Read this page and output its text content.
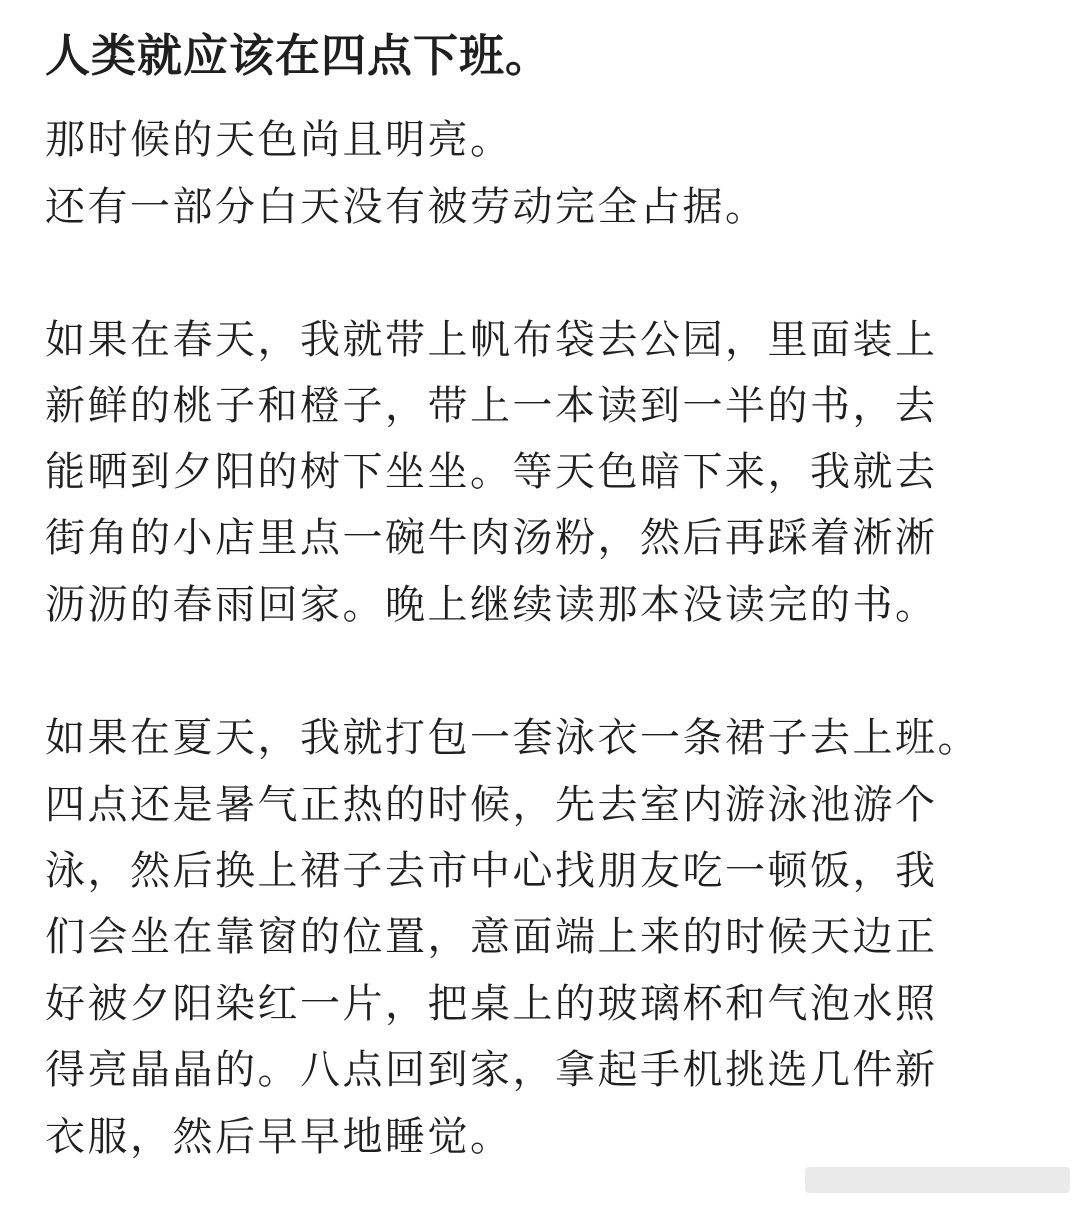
人类就应该在四点下班。
那时候的天色尚且明亮。
还有一部分白天没有被劳动完全占据。
如果在春天，我就带上帆布袋去公园，里面装上
新鲜的桃子和橙子，带上一本读到一半的书，去
能晒到夕阳的树下坐坐。等天色暗下来，我就去
街角的小店里点一碗牛肉汤粉，然后再踩着淅淅
沥沥的春雨回家。晚上继续读那本没读完的书。
如果在夏天，我就打包一套泳衣一条裙子去上班。
四点还是暑气正热的时候，先去室内游泳池游个
泳，然后换上裙子去市中心找朋友吃一顿饭，我
们会坐在靠窗的位置，意面端上来的时候天边正
好被夕阳染红一片，把桌上的玻璃杯和气泡水照
得亮晶晶的。八点回到家，拿起手机挑选几件新
衣服，然后早早地睡觉。
